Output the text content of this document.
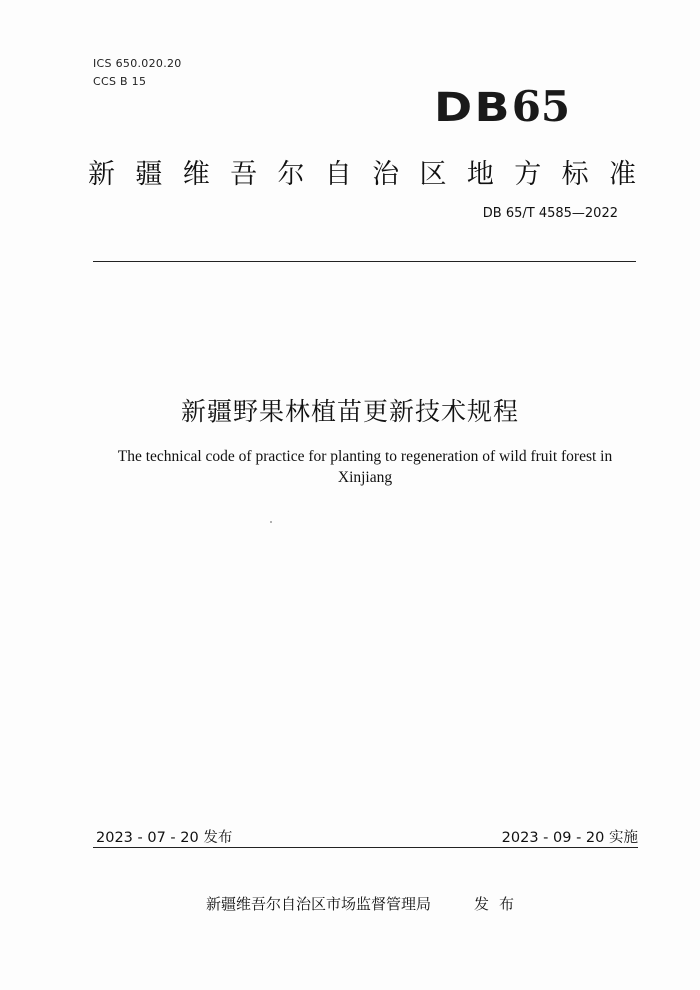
ICS 650.020.20
CCS B 15
DB 65
新 疆 维 吾 尔 自 治 区 地 方 标 准
DB 65/T 4585—2022
新疆野果林植苗更新技术规程
The technical code of practice for planting to regeneration of wild fruit forest in Xinjiang
2023 - 07 - 20 发布	2023 - 09 - 20 实施
新疆维吾尔自治区市场监督管理局	发布
